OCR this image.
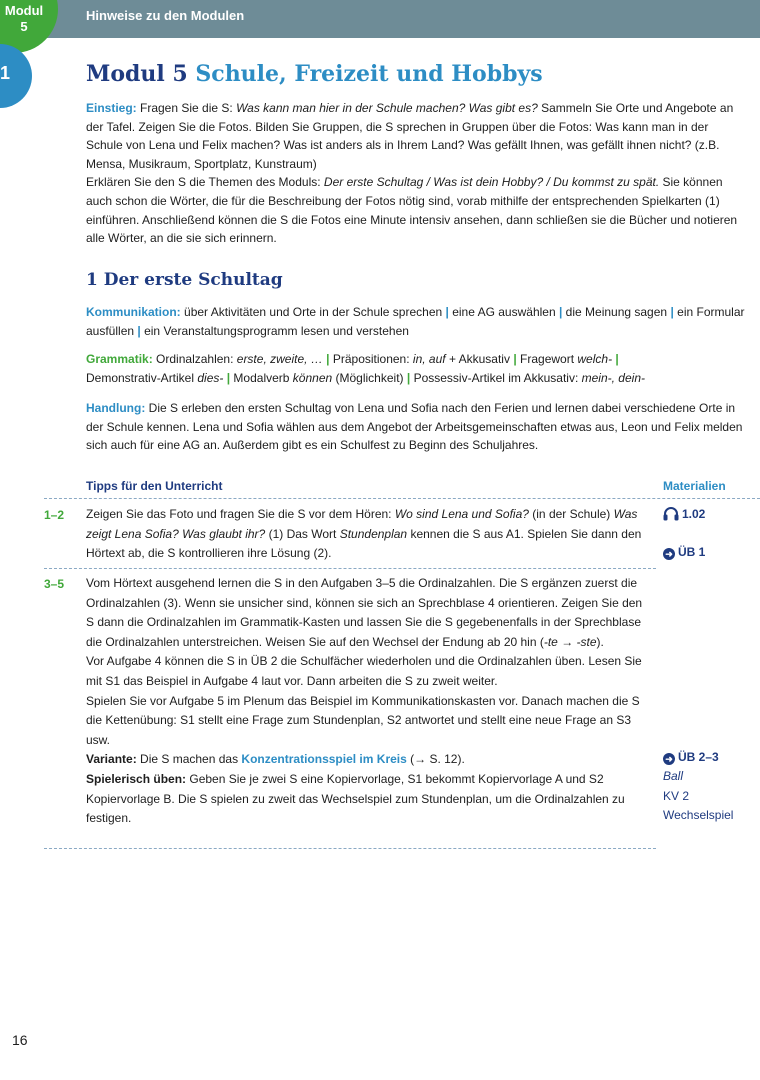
Hinweise zu den Modulen
Modul
5
1	Modul 5 Schule, Freizeit und Hobbys
Einstieg: Fragen Sie die S: Was kann man hier in der Schule machen? Was gibt es? Sammeln Sie Orte und Angebote an der Tafel. Zeigen Sie die Fotos. Bilden Sie Gruppen, die S sprechen in Gruppen über die Fotos: Was kann man in der Schule von Lena und Felix machen? Was ist anders als in Ihrem Land? Was gefällt Ihnen, was gefällt ihnen nicht? (z.B. Mensa, Musikraum, Sportplatz, Kunstraum)
Erklären Sie den S die Themen des Moduls: Der erste Schultag / Was ist dein Hobby? / Du kommst zu spät. Sie können auch schon die Wörter, die für die Beschreibung der Fotos nötig sind, vorab mithilfe der entsprechenden Spielkarten (1) einführen. Anschließend können die S die Fotos eine Minute intensiv ansehen, dann schließen sie die Bücher und notieren alle Wörter, an die sie sich erinnern.
1 Der erste Schultag
Kommunikation: über Aktivitäten und Orte in der Schule sprechen | eine AG auswählen | die Meinung sagen | ein Formular ausfüllen | ein Veranstaltungsprogramm lesen und verstehen
Grammatik: Ordinalzahlen: erste, zweite, … | Präpositionen: in, auf + Akkusativ | Fragewort welch- |
Demonstrativ-Artikel dies- | Modalverb können (Möglichkeit) | Possessiv-Artikel im Akkusativ: mein-, dein-
Handlung: Die S erleben den ersten Schultag von Lena und Sofia nach den Ferien und lernen dabei verschiedene Orte in der Schule kennen. Lena und Sofia wählen aus dem Angebot der Arbeitsgemeinschaften etwas aus, Leon und Felix melden sich auch für eine AG an. Außerdem gibt es ein Schulfest zu Beginn des Schuljahres.
Tipps für den Unterricht	Materialien
1–2 Zeigen Sie das Foto und fragen Sie die S vor dem Hören: Wo sind Lena und Sofia? (in der Schule) Was zeigt Lena Sofia? Was glaubt ihr? (1) Das Wort Stundenplan kennen die S aus A1. Spielen Sie dann den Hörtext ab, die S kontrollieren ihre Lösung (2).
1.02
➜ ÜB 1
3–5 Vom Hörtext ausgehend lernen die S in den Aufgaben 3–5 die Ordinalzahlen. Die S ergänzen zuerst die Ordinalzahlen (3). Wenn sie unsicher sind, können sie sich an Sprechblase 4 orientieren. Zeigen Sie den S dann die Ordinalzahlen im Grammatik-Kasten und lassen Sie die S gegebenenfalls in der Sprechblase die Ordinalzahlen unterstreichen. Weisen Sie auf den Wechsel der Endung ab 20 hin (-te → -ste).
Vor Aufgabe 4 können die S in ÜB 2 die Schulfächer wiederholen und die Ordinalzahlen üben. Lesen Sie mit S1 das Beispiel in Aufgabe 4 laut vor. Dann arbeiten die S zu zweit weiter.
Spielen Sie vor Aufgabe 5 im Plenum das Beispiel im Kommunikationskasten vor. Danach machen die S die Kettenübung: S1 stellt eine Frage zum Stundenplan, S2 antwortet und stellt eine neue Frage an S3 usw.
Variante: Die S machen das Konzentrationsspiel im Kreis (→ S. 12).
Spielerisch üben: Geben Sie je zwei S eine Kopiervorlage, S1 bekommt Kopiervorlage A und S2 Kopiervorlage B. Die S spielen zu zweit das Wechselspiel zum Stundenplan, um die Ordinalzahlen zu festigen.
➜ ÜB 2–3
Ball
KV 2
Wechselspiel
16
